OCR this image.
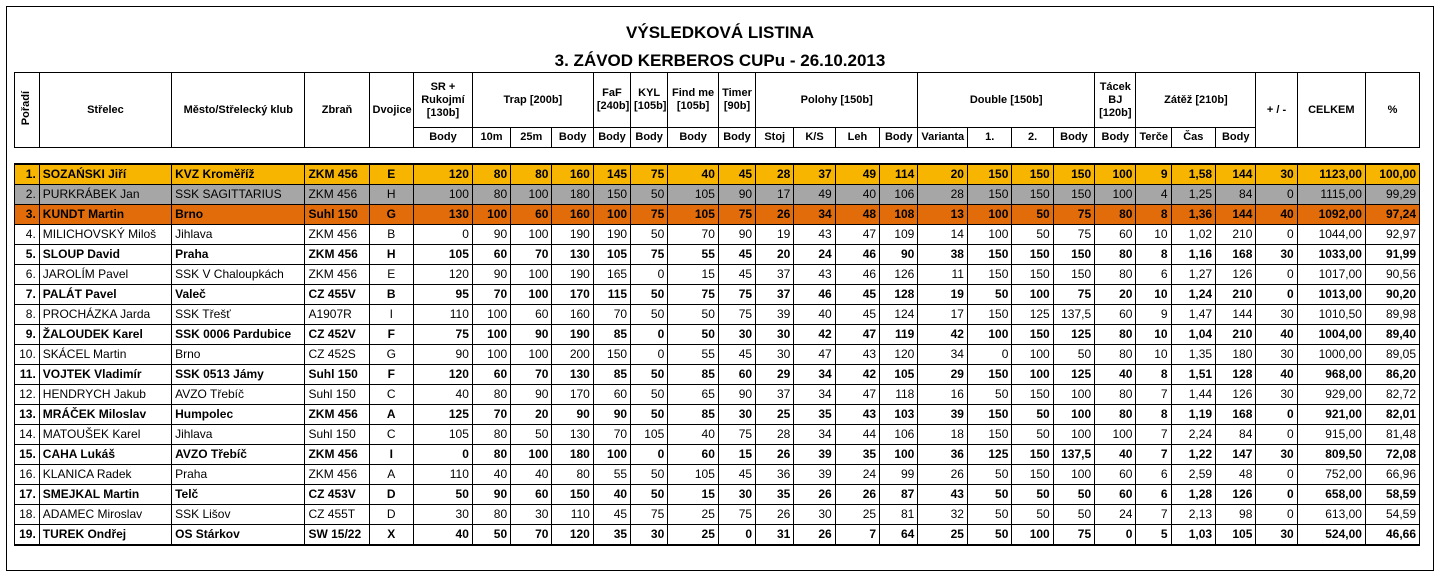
VÝSLEDKOVÁ LISTINA
3. ZÁVOD KERBEROS CUPu - 26.10.2013
Pořadí	Střelec	Město/Střelecký klub	Zbraň	Dvojice	SR + Rukojmí [130b]	Trap [200b]			FaF [240b]	KYL [105b]	Find me [105b]	Timer [90b]	Polohy [150b]				Double [150b]				Tácek BJ [120b]	Zátěž [210b]			+ / -	CELKEM	%
					Body	10m	25m	Body	Body	Body	Body	Body	Stoj	K/S	Leh	Body	Varianta	1.	2.	Body	Body	Terče	Čas	Body			

1.	SOZAŃSKI Jiří	KVZ Kroměříž	ZKM 456	E	120	80	80	160	145	75	40	45	28	37	49	114	20	150	150	150	100	9	1,58	144	30	1123,00	100,00
2.	PURKRÁBEK Jan	SSK SAGITTARIUS	ZKM 456	H	100	80	100	180	150	50	105	90	17	49	40	106	28	150	150	150	100	4	1,25	84	0	1115,00	99,29
3.	KUNDT Martin	Brno	Suhl 150	G	130	100	60	160	100	75	105	75	26	34	48	108	13	100	50	75	80	8	1,36	144	40	1092,00	97,24
4.	MILICHOVSKÝ Miloš	Jihlava	ZKM 456	B	0	90	100	190	190	50	70	90	19	43	47	109	14	100	50	75	60	10	1,02	210	0	1044,00	92,97
5.	SLOUP David	Praha	ZKM 456	H	105	60	70	130	105	75	55	45	20	24	46	90	38	150	150	150	80	8	1,16	168	30	1033,00	91,99
6.	JAROLÍM Pavel	SSK V Chaloupkách	ZKM 456	E	120	90	100	190	165	0	15	45	37	43	46	126	11	150	150	150	80	6	1,27	126	0	1017,00	90,56
7.	PALÁT Pavel	Valeč	CZ 455V	B	95	70	100	170	115	50	75	75	37	46	45	128	19	50	100	75	20	10	1,24	210	0	1013,00	90,20
8.	PROCHÁZKA Jarda	SSK Třešť	A1907R	I	110	100	60	160	70	50	50	75	39	40	45	124	17	150	125	137,5	60	9	1,47	144	30	1010,50	89,98
9.	ŽALOUDEK Karel	SSK 0006 Pardubice	CZ 452V	F	75	100	90	190	85	0	50	30	30	42	47	119	42	100	150	125	80	10	1,04	210	40	1004,00	89,40
10.	SKÁCEL Martin	Brno	CZ 452S	G	90	100	100	200	150	0	55	45	30	47	43	120	34	0	100	50	80	10	1,35	180	30	1000,00	89,05
11.	VOJTEK Vladimír	SSK 0513 Jámy	Suhl 150	F	120	60	70	130	85	50	85	60	29	34	42	105	29	150	100	125	40	8	1,51	128	40	968,00	86,20
12.	HENDRYCH Jakub	AVZO Třebíč	Suhl 150	C	40	80	90	170	60	50	65	90	37	34	47	118	16	50	150	100	80	7	1,44	126	30	929,00	82,72
13.	MRÁČEK Miloslav	Humpolec	ZKM 456	A	125	70	20	90	90	50	85	30	25	35	43	103	39	150	50	100	80	8	1,19	168	0	921,00	82,01
14.	MATOUŠEK Karel	Jihlava	Suhl 150	C	105	80	50	130	70	105	40	75	28	34	44	106	18	150	50	100	100	7	2,24	84	0	915,00	81,48
15.	CAHA Lukáš	AVZO Třebíč	ZKM 456	I	0	80	100	180	100	0	60	15	26	39	35	100	36	125	150	137,5	40	7	1,22	147	30	809,50	72,08
16.	KLANICA Radek	Praha	ZKM 456	A	110	40	40	80	55	50	105	45	36	39	24	99	26	50	150	100	60	6	2,59	48	0	752,00	66,96
17.	SMEJKAL Martin	Telč	CZ 453V	D	50	90	60	150	40	50	15	30	35	26	26	87	43	50	50	50	60	6	1,28	126	0	658,00	58,59
18.	ADAMEC Miroslav	SSK Lišov	CZ 455T	D	30	80	30	110	45	75	25	75	26	30	25	81	32	50	50	50	24	7	2,13	98	0	613,00	54,59
19.	TUREK Ondřej	OS Stárkov	SW 15/22	X	40	50	70	120	35	30	25	0	31	26	7	64	25	50	100	75	0	5	1,03	105	30	524,00	46,66
